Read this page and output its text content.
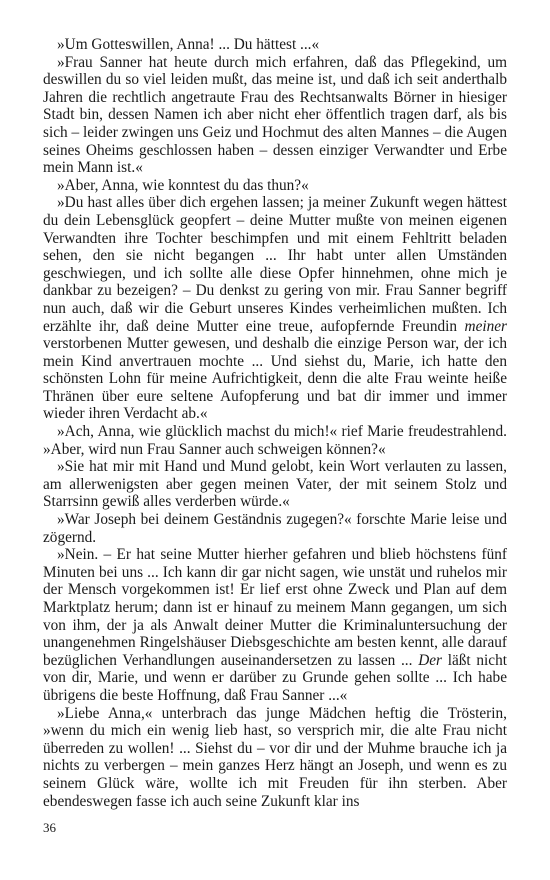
»Um Gotteswillen, Anna! ... Du hättest ...«

»Frau Sanner hat heute durch mich erfahren, daß das Pflegekind, um deswillen du so viel leiden mußt, das meine ist, und daß ich seit anderthalb Jahren die rechtlich angetraute Frau des Rechtsanwalts Börner in hiesiger Stadt bin, dessen Namen ich aber nicht eher öffentlich tragen darf, als bis sich – leider zwingen uns Geiz und Hochmut des alten Mannes – die Augen seines Oheims geschlossen haben – dessen einziger Verwandter und Erbe mein Mann ist.«

»Aber, Anna, wie konntest du das thun?«

»Du hast alles über dich ergehen lassen; ja meiner Zukunft wegen hättest du dein Lebensglück geopfert – deine Mutter mußte von meinen eigenen Verwandten ihre Tochter beschimpfen und mit einem Fehltritt beladen sehen, den sie nicht begangen ... Ihr habt unter allen Umständen geschwiegen, und ich sollte alle diese Opfer hinnehmen, ohne mich je dankbar zu bezeigen? – Du denkst zu gering von mir. Frau Sanner begriff nun auch, daß wir die Geburt unseres Kindes verheimlichen mußten. Ich erzählte ihr, daß deine Mutter eine treue, aufopfernde Freundin meiner verstorbenen Mutter gewesen, und deshalb die einzige Person war, der ich mein Kind anvertrauen mochte ... Und siehst du, Marie, ich hatte den schönsten Lohn für meine Aufrichtigkeit, denn die alte Frau weinte heiße Thränen über eure seltene Aufopferung und bat dir immer und immer wieder ihren Verdacht ab.«

»Ach, Anna, wie glücklich machst du mich!« rief Marie freudestrahlend. »Aber, wird nun Frau Sanner auch schweigen können?«

»Sie hat mir mit Hand und Mund gelobt, kein Wort verlauten zu lassen, am allerwenigsten aber gegen meinen Vater, der mit seinem Stolz und Starrsinn gewiß alles verderben würde.«

»War Joseph bei deinem Geständnis zugegen?« forschte Marie leise und zögernd.

»Nein. – Er hat seine Mutter hierher gefahren und blieb höchstens fünf Minuten bei uns ... Ich kann dir gar nicht sagen, wie unstät und ruhelos mir der Mensch vorgekommen ist! Er lief erst ohne Zweck und Plan auf dem Marktplatz herum; dann ist er hinauf zu meinem Mann gegangen, um sich von ihm, der ja als Anwalt deiner Mutter die Kriminaluntersuchung der unangenehmen Ringelshäuser Diebsgeschichte am besten kennt, alle darauf bezüglichen Verhandlungen auseinandersetzen zu lassen ... Der läßt nicht von dir, Marie, und wenn er darüber zu Grunde gehen sollte ... Ich habe übrigens die beste Hoffnung, daß Frau Sanner ...«

»Liebe Anna,« unterbrach das junge Mädchen heftig die Trösterin, »wenn du mich ein wenig lieb hast, so versprich mir, die alte Frau nicht überreden zu wollen! ... Siehst du – vor dir und der Muhme brauche ich ja nichts zu verbergen – mein ganzes Herz hängt an Joseph, und wenn es zu seinem Glück wäre, wollte ich mit Freuden für ihn sterben. Aber ebendeswegen fasse ich auch seine Zukunft klar ins

36
